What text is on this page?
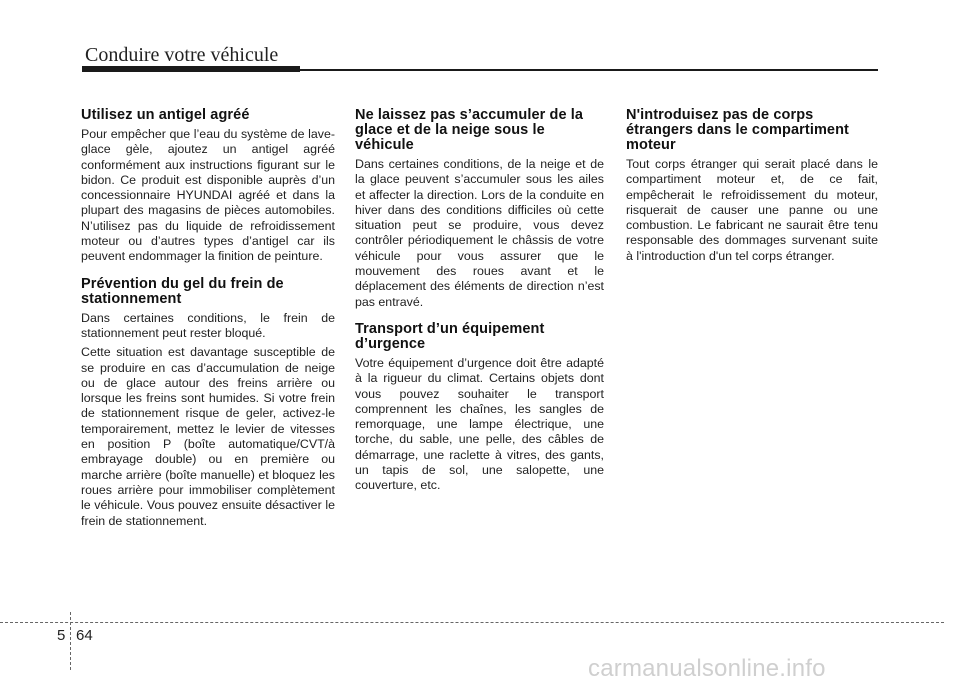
Conduire votre véhicule
Utilisez un antigel agréé

Pour empêcher que l’eau du système de lave-glace gèle, ajoutez un antigel agréé conformément aux instructions figurant sur le bidon. Ce produit est disponible auprès d’un concessionnaire HYUNDAI agréé et dans la plupart des magasins de pièces automobiles. N’utilisez pas du liquide de refroidissement moteur ou d’autres types d’antigel car ils peuvent endommager la finition de peinture.

Prévention du gel du frein de stationnement

Dans certaines conditions, le frein de stationnement peut rester bloqué.

Cette situation est davantage susceptible de se produire en cas d’accumulation de neige ou de glace autour des freins arrière ou lorsque les freins sont humides. Si votre frein de stationnement risque de geler, activez-le temporairement, mettez le levier de vitesses en position P (boîte automatique/CVT/à embrayage double) ou en première ou marche arrière (boîte manuelle) et bloquez les roues arrière pour immobiliser complètement le véhicule. Vous pouvez ensuite désactiver le frein de stationnement.

Ne laissez pas s’accumuler de la glace et de la neige sous le véhicule

Dans certaines conditions, de la neige et de la glace peuvent s’accumuler sous les ailes et affecter la direction. Lors de la conduite en hiver dans des conditions difficiles où cette situation peut se produire, vous devez contrôler périodiquement le châssis de votre véhicule pour vous assurer que le mouvement des roues avant et le déplacement des éléments de direction n’est pas entravé.

Transport d’un équipement d’urgence

Votre équipement d’urgence doit être adapté à la rigueur du climat. Certains objets dont vous pouvez souhaiter le transport comprennent les chaînes, les sangles de remorquage, une lampe électrique, une torche, du sable, une pelle, des câbles de démarrage, une raclette à vitres, des gants, un tapis de sol, une salopette, une couverture, etc.

N'introduisez pas de corps étrangers dans le compartiment moteur

Tout corps étranger qui serait placé dans le compartiment moteur et, de ce fait, empêcherait le refroidissement du moteur, risquerait de causer une panne ou une combustion. Le fabricant ne saurait être tenu responsable des dommages survenant suite à l'introduction d'un tel corps étranger.

5 64
carmanualsonline.info
